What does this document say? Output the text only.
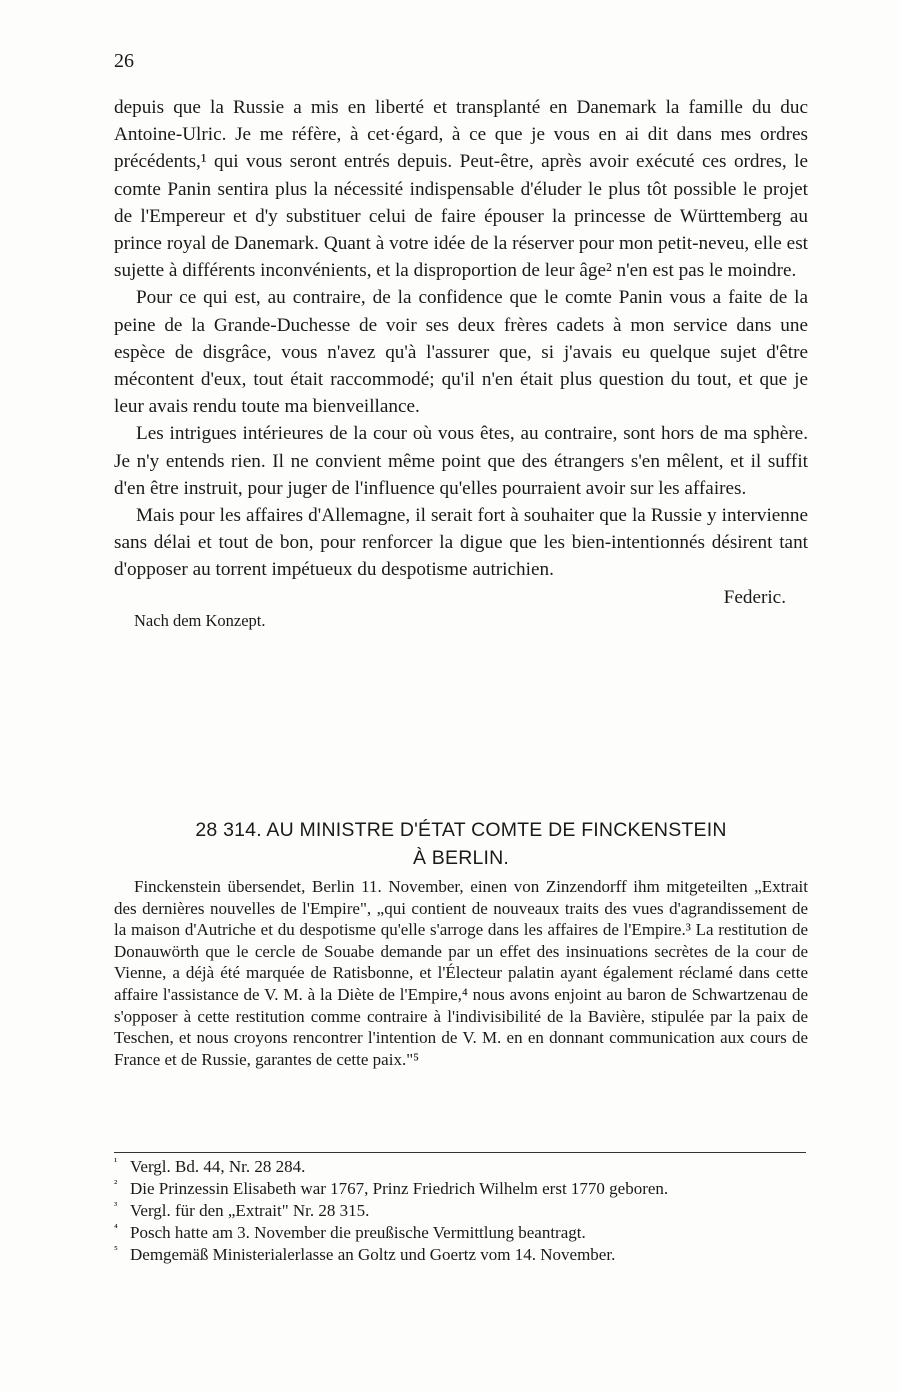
26

depuis que la Russie a mis en liberté et transplanté en Danemark la famille du duc Antoine-Ulric. Je me réfère, à cet·égard, à ce que je vous en ai dit dans mes ordres précédents,¹ qui vous seront entrés depuis. Peut-être, après avoir exécuté ces ordres, le comte Panin sentira plus la nécessité indispensable d'éluder le plus tôt possible le projet de l'Empereur et d'y substituer celui de faire épouser la princesse de Württemberg au prince royal de Danemark. Quant à votre idée de la réserver pour mon petit-neveu, elle est sujette à différents inconvénients, et la disproportion de leur âge² n'en est pas le moindre.

Pour ce qui est, au contraire, de la confidence que le comte Panin vous a faite de la peine de la Grande-Duchesse de voir ses deux frères cadets à mon service dans une espèce de disgrâce, vous n'avez qu'à l'assurer que, si j'avais eu quelque sujet d'être mécontent d'eux, tout était raccommodé; qu'il n'en était plus question du tout, et que je leur avais rendu toute ma bienveillance.

Les intrigues intérieures de la cour où vous êtes, au contraire, sont hors de ma sphère. Je n'y entends rien. Il ne convient même point que des étrangers s'en mêlent, et il suffit d'en être instruit, pour juger de l'influence qu'elles pourraient avoir sur les affaires.

Mais pour les affaires d'Allemagne, il serait fort à souhaiter que la Russie y intervienne sans délai et tout de bon, pour renforcer la digue que les bien-intentionnés désirent tant d'opposer au torrent impétueux du despotisme autrichien.

Federic.
Nach dem Konzept.
28 314. AU MINISTRE D'ÉTAT COMTE DE FINCKENSTEIN
À BERLIN.

Finckenstein übersendet, Berlin 11. November, einen von Zinzendorff ihm mitgeteilten „Extrait des dernières nouvelles de l'Empire", „qui contient de nouveaux traits des vues d'agrandissement de la maison d'Autriche et du despotisme qu'elle s'arroge dans les affaires de l'Empire.³ La restitution de Donauwörth que le cercle de Souabe demande par un effet des insinuations secrètes de la cour de Vienne, a déjà été marquée de Ratisbonne, et l'Électeur palatin ayant également réclamé dans cette affaire l'assistance de V. M. à la Diète de l'Empire,⁴ nous avons enjoint au baron de Schwartzenau de s'opposer à cette restitution comme contraire à l'indivisibilité de la Bavière, stipulée par la paix de Teschen, et nous croyons rencontrer l'intention de V. M. en en donnant communication aux cours de France et de Russie, garantes de cette paix."⁵

¹ Vergl. Bd. 44, Nr. 28 284.
² Die Prinzessin Elisabeth war 1767, Prinz Friedrich Wilhelm erst 1770 geboren.
³ Vergl. für den „Extrait" Nr. 28 315.
⁴ Posch hatte am 3. November die preußische Vermittlung beantragt.
⁵ Demgemäß Ministerialerlasse an Goltz und Goertz vom 14. November.
